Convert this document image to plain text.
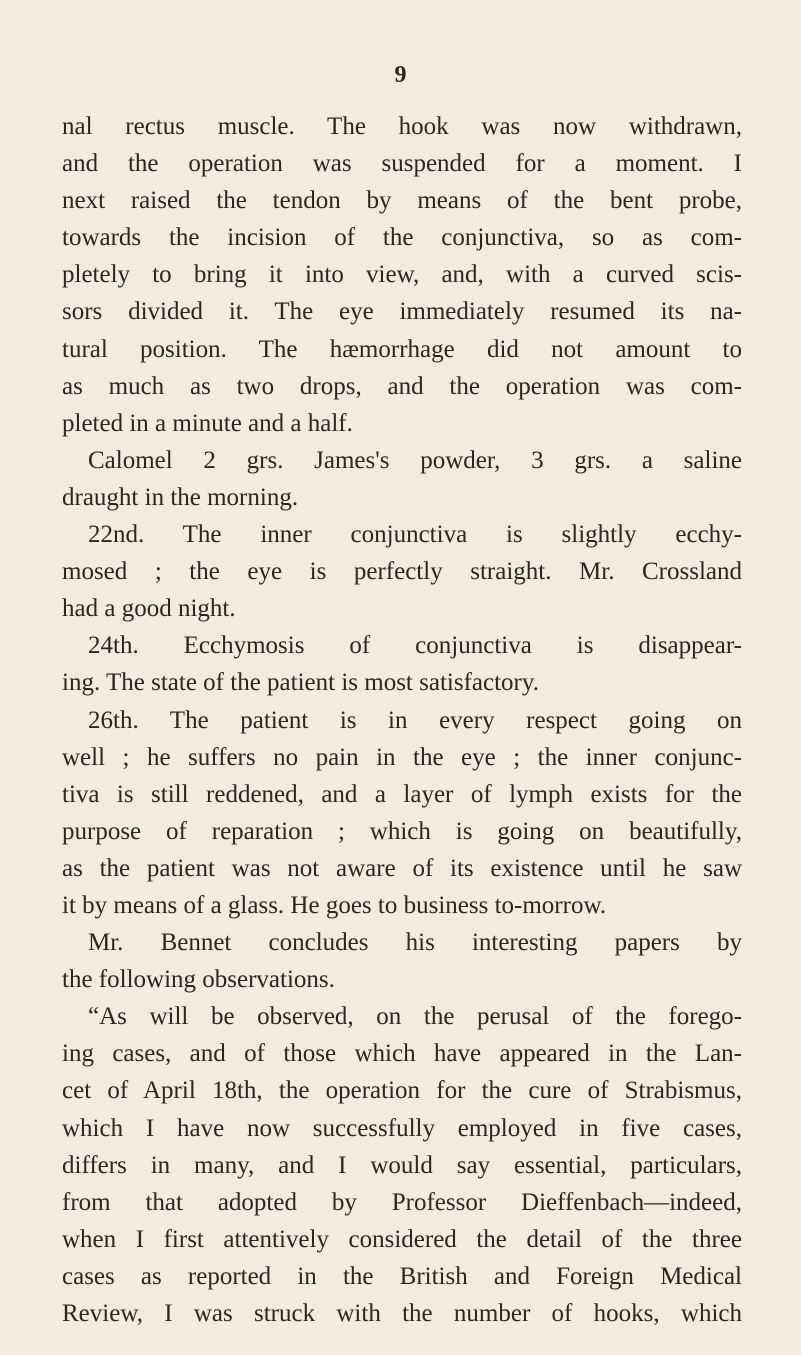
9
nal rectus muscle. The hook was now withdrawn,
and the operation was suspended for a moment. I
next raised the tendon by means of the bent probe,
towards the incision of the conjunctiva, so as com-
pletely to bring it into view, and, with a curved scis-
sors divided it. The eye immediately resumed its na-
tural position. The hæmorrhage did not amount to
as much as two drops, and the operation was com-
pleted in a minute and a half.
Calomel 2 grs. James's powder, 3 grs. a saline
draught in the morning.
22nd. The inner conjunctiva is slightly ecchy-
mosed ; the eye is perfectly straight. Mr. Crossland
had a good night.
24th. Ecchymosis of conjunctiva is disappear-
ing. The state of the patient is most satisfactory.
26th. The patient is in every respect going on
well ; he suffers no pain in the eye ; the inner conjunc-
tiva is still reddened, and a layer of lymph exists for the
purpose of reparation ; which is going on beautifully,
as the patient was not aware of its existence until he saw
it by means of a glass. He goes to business to-morrow.
Mr. Bennet concludes his interesting papers by
the following observations.
“As will be observed, on the perusal of the forego-
ing cases, and of those which have appeared in the Lan-
cet of April 18th, the operation for the cure of Strabismus,
which I have now successfully employed in five cases,
differs in many, and I would say essential, particulars,
from that adopted by Professor Dieffenbach—indeed,
when I first attentively considered the detail of the three
cases as reported in the British and Foreign Medical
Review, I was struck with the number of hooks, which
